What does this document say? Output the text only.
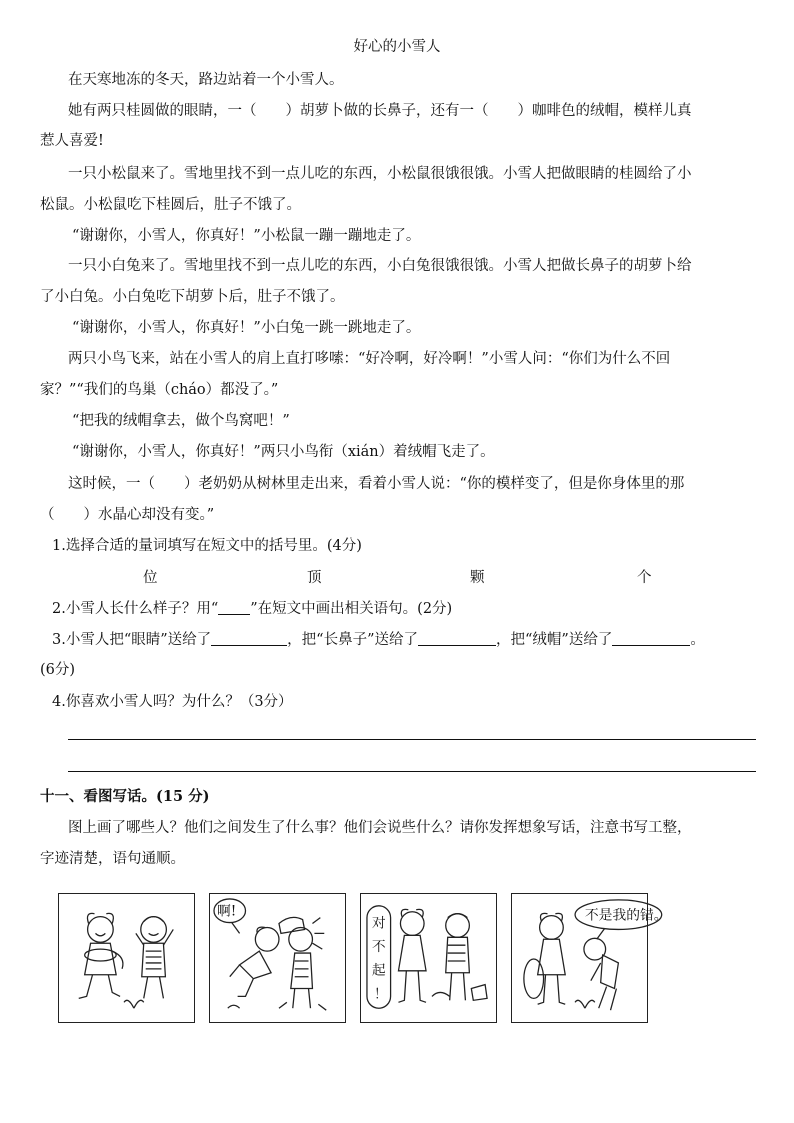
好心的小雪人
在天寒地冻的冬天，路边站着一个小雪人。
她有两只桂圆做的眼睛，一（　　）胡萝卜做的长鼻子，还有一（　　）咖啡色的绒帽，模样儿真
惹人喜爱!
一只小松鼠来了。雪地里找不到一点儿吃的东西，小松鼠很饿很饿。小雪人把做眼睛的桂圆给了小
松鼠。小松鼠吃下桂圆后，肚子不饿了。
“谢谢你，小雪人，你真好！”小松鼠一蹦一蹦地走了。
一只小白兔来了。雪地里找不到一点儿吃的东西，小白兔很饿很饿。小雪人把做长鼻子的胡萝卜给
了小白兔。小白兔吃下胡萝卜后，肚子不饿了。
“谢谢你，小雪人，你真好！”小白兔一跳一跳地走了。
两只小鸟飞来，站在小雪人的肩上直打哆嗦：“好冷啊，好冷啊！”小雪人问：“你们为什么不回
家？”“我们的鸟巢（cháo）都没了。”
“把我的绒帽拿去，做个鸟窝吧！”
“谢谢你，小雪人，你真好！”两只小鸟衔（xián）着绒帽飞走了。
这时候，一（　　）老奶奶从树林里走出来，看着小雪人说：“你的模样变了，但是你身体里的那
（　　）水晶心却没有变。”
1.选择合适的量词填写在短文中的括号里。(4分)
位	顶	颗	个
2.小雪人长什么样子？用“ ”在短文中画出相关语句。(2分)
3.小雪人把“眼睛”送给了	，把“长鼻子”送给了	，把“绒帽”送给了	。
(6分)
4.你喜欢小雪人吗？为什么？（3分）
十一、看图写话。(15 分)
图上画了哪些人？他们之间发生了什么事？他们会说些什么？请你发挥想象写话，注意书写工整，
字迹清楚，语句通顺。
啊!
对
不
起
！
不是我的错。
